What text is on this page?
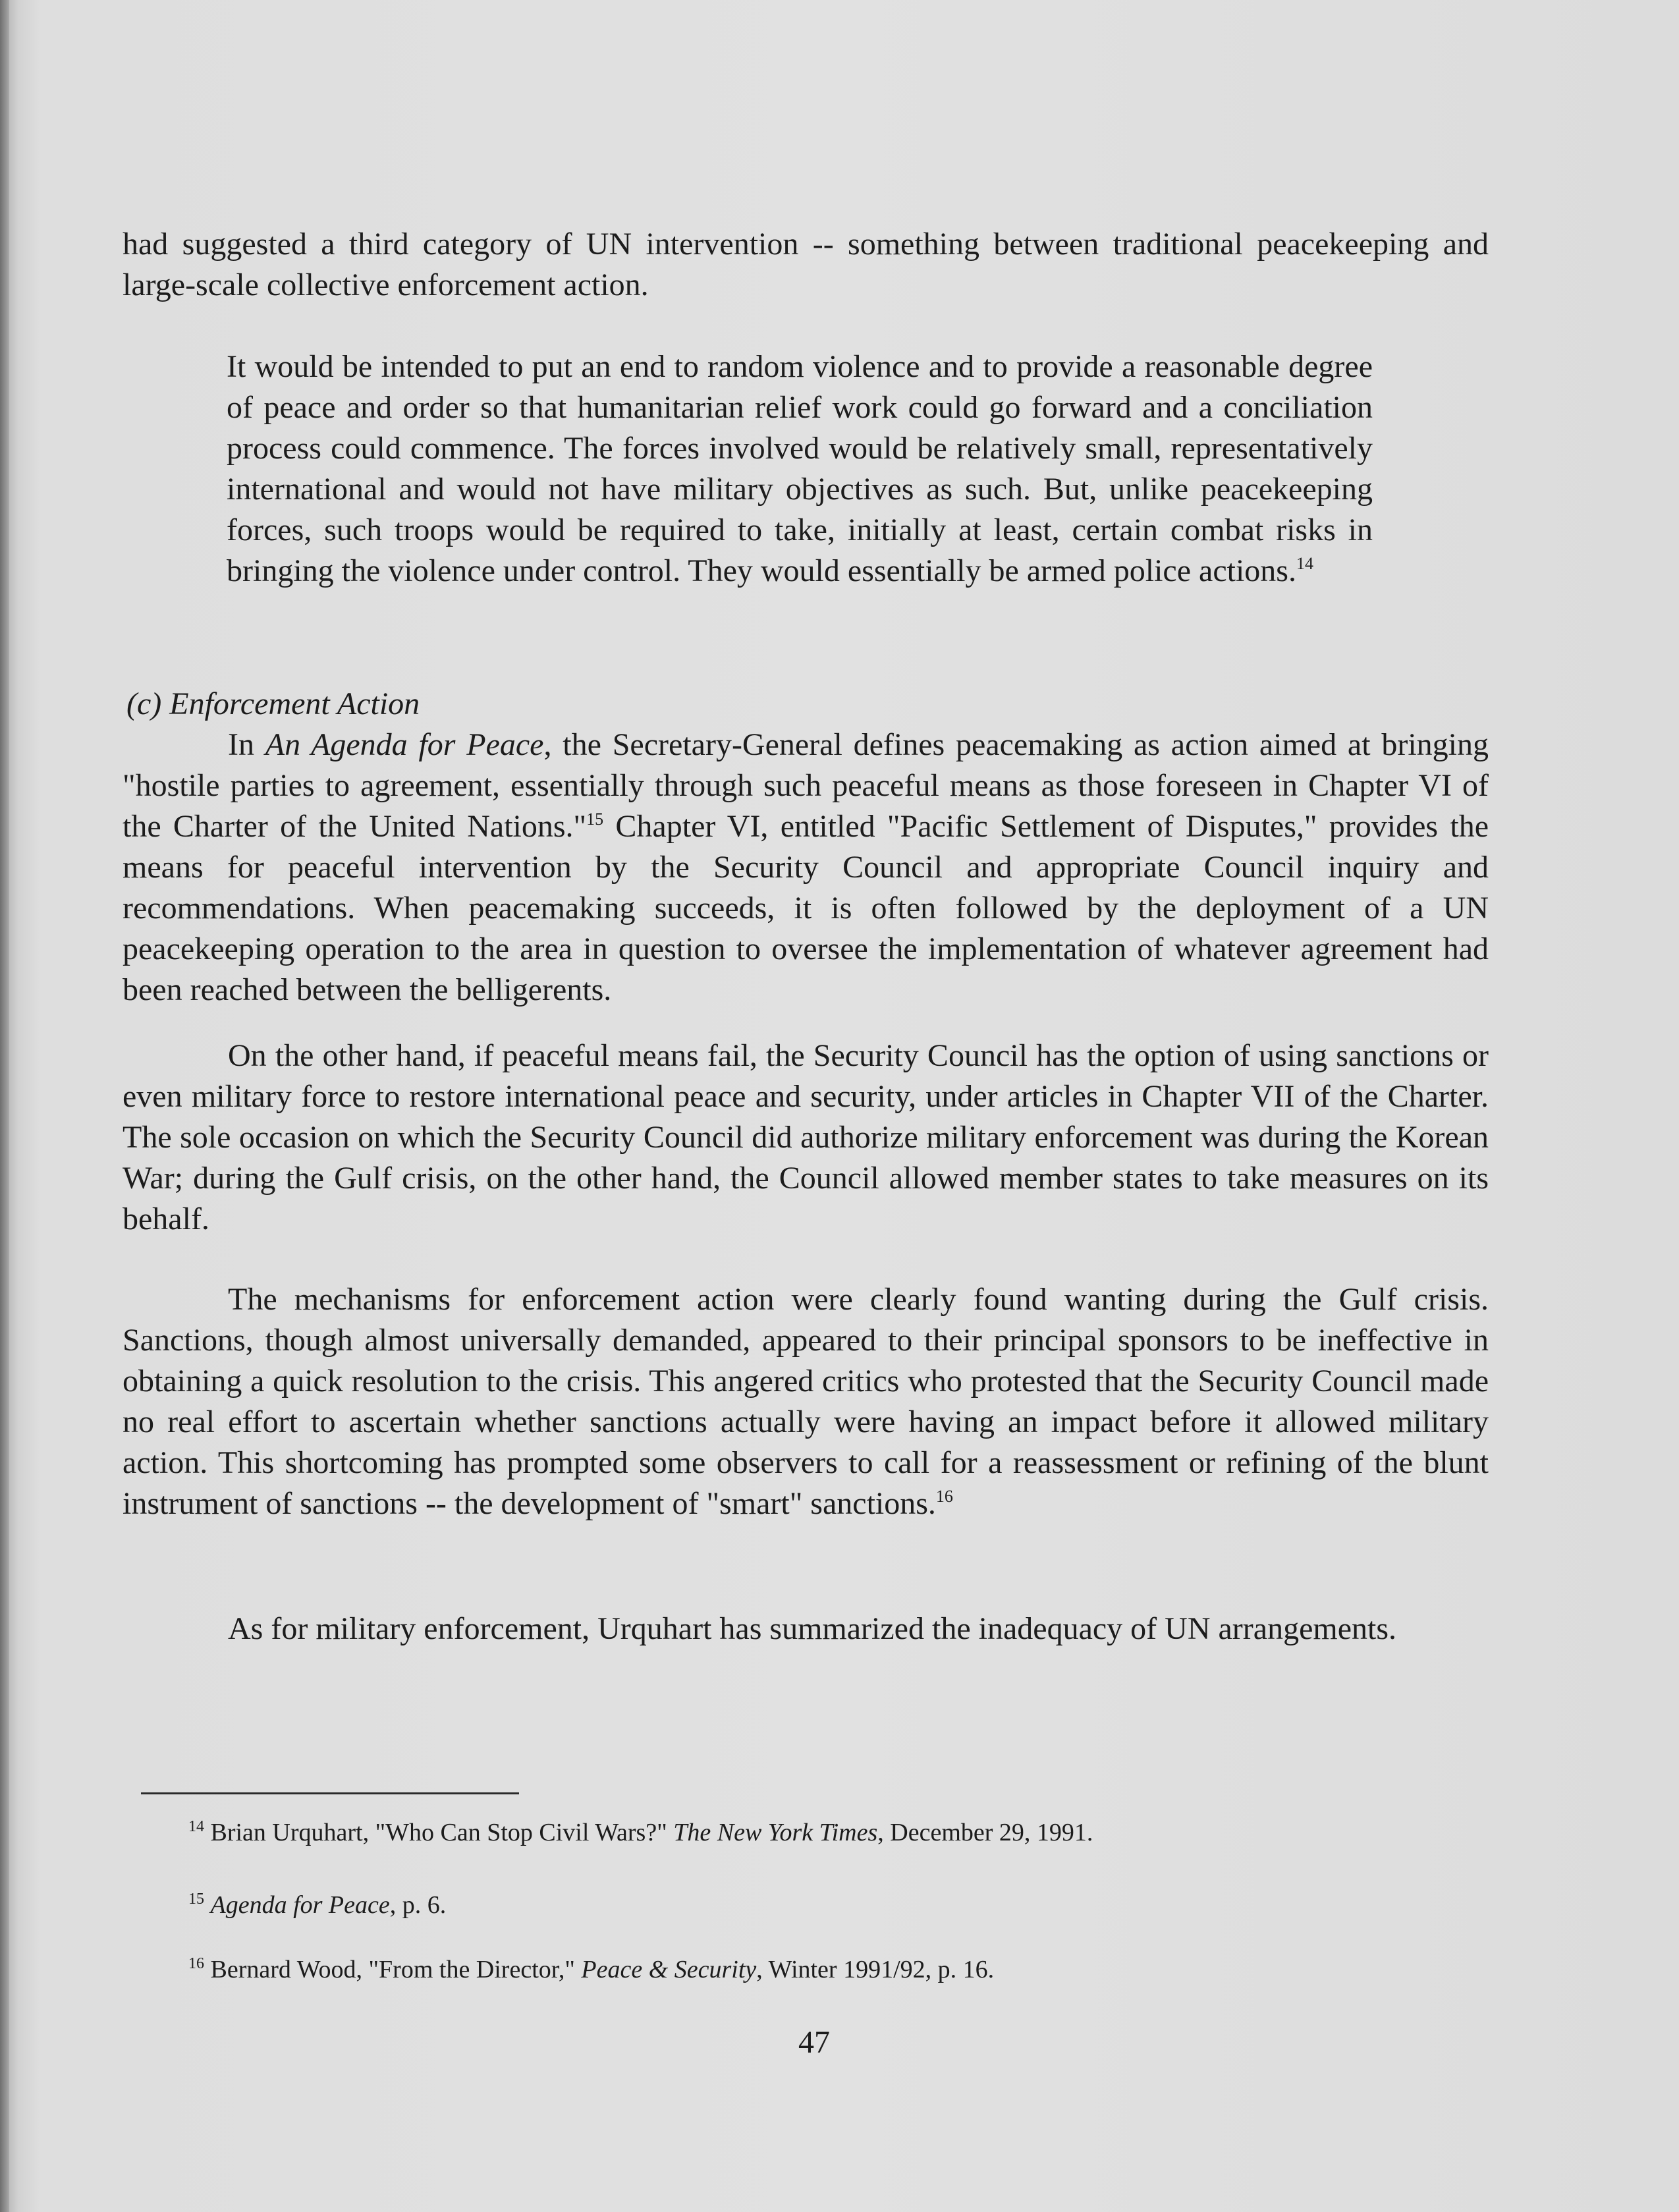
had suggested a third category of UN intervention -- something between traditional peacekeeping and large-scale collective enforcement action.

It would be intended to put an end to random violence and to provide a reasonable degree of peace and order so that humanitarian relief work could go forward and a conciliation process could commence. The forces involved would be relatively small, representatively international and would not have military objectives as such. But, unlike peacekeeping forces, such troops would be required to take, initially at least, certain combat risks in bringing the violence under control. They would essentially be armed police actions.$^{14}$

(c) Enforcement Action

In An Agenda for Peace, the Secretary-General defines peacemaking as action aimed at bringing "hostile parties to agreement, essentially through such peaceful means as those foreseen in Chapter VI of the Charter of the United Nations."$^{15}$ Chapter VI, entitled "Pacific Settlement of Disputes," provides the means for peaceful intervention by the Security Council and appropriate Council inquiry and recommendations. When peacemaking succeeds, it is often followed by the deployment of a UN peacekeeping operation to the area in question to oversee the implementation of whatever agreement had been reached between the belligerents.

On the other hand, if peaceful means fail, the Security Council has the option of using sanctions or even military force to restore international peace and security, under articles in Chapter VII of the Charter. The sole occasion on which the Security Council did authorize military enforcement was during the Korean War; during the Gulf crisis, on the other hand, the Council allowed member states to take measures on its behalf.

The mechanisms for enforcement action were clearly found wanting during the Gulf crisis. Sanctions, though almost universally demanded, appeared to their principal sponsors to be ineffective in obtaining a quick resolution to the crisis. This angered critics who protested that the Security Council made no real effort to ascertain whether sanctions actually were having an impact before it allowed military action. This shortcoming has prompted some observers to call for a reassessment or refining of the blunt instrument of sanctions -- the development of "smart" sanctions.$^{16}$

As for military enforcement, Urquhart has summarized the inadequacy of UN arrangements.

$^{14}$ Brian Urquhart, "Who Can Stop Civil Wars?" The New York Times, December 29, 1991.

$^{15}$ Agenda for Peace, p. 6.

$^{16}$ Bernard Wood, "From the Director," Peace & Security, Winter 1991/92, p. 16.

47
